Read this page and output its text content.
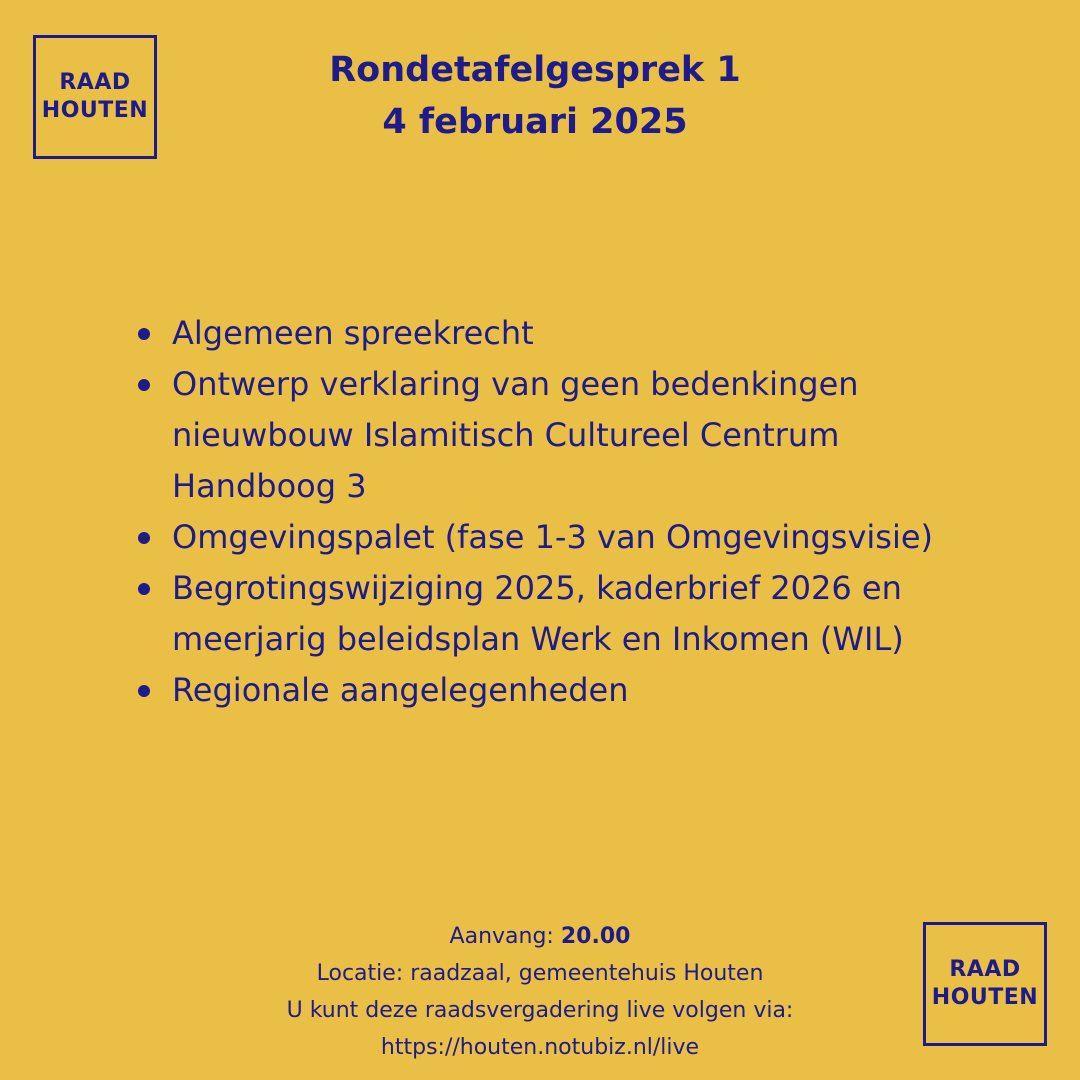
RAAD
HOUTEN
Rondetafelgesprek 1
4 februari 2025
Algemeen spreekrecht
Ontwerp verklaring van geen bedenkingen
nieuwbouw Islamitisch Cultureel Centrum
Handboog 3
Omgevingspalet (fase 1-3 van Omgevingsvisie)
Begrotingswijziging 2025, kaderbrief 2026 en
meerjarig beleidsplan Werk en Inkomen (WIL)
Regionale aangelegenheden
Aanvang: 20.00
Locatie: raadzaal, gemeentehuis Houten
U kunt deze raadsvergadering live volgen via:
https://houten.notubiz.nl/live
RAAD
HOUTEN
